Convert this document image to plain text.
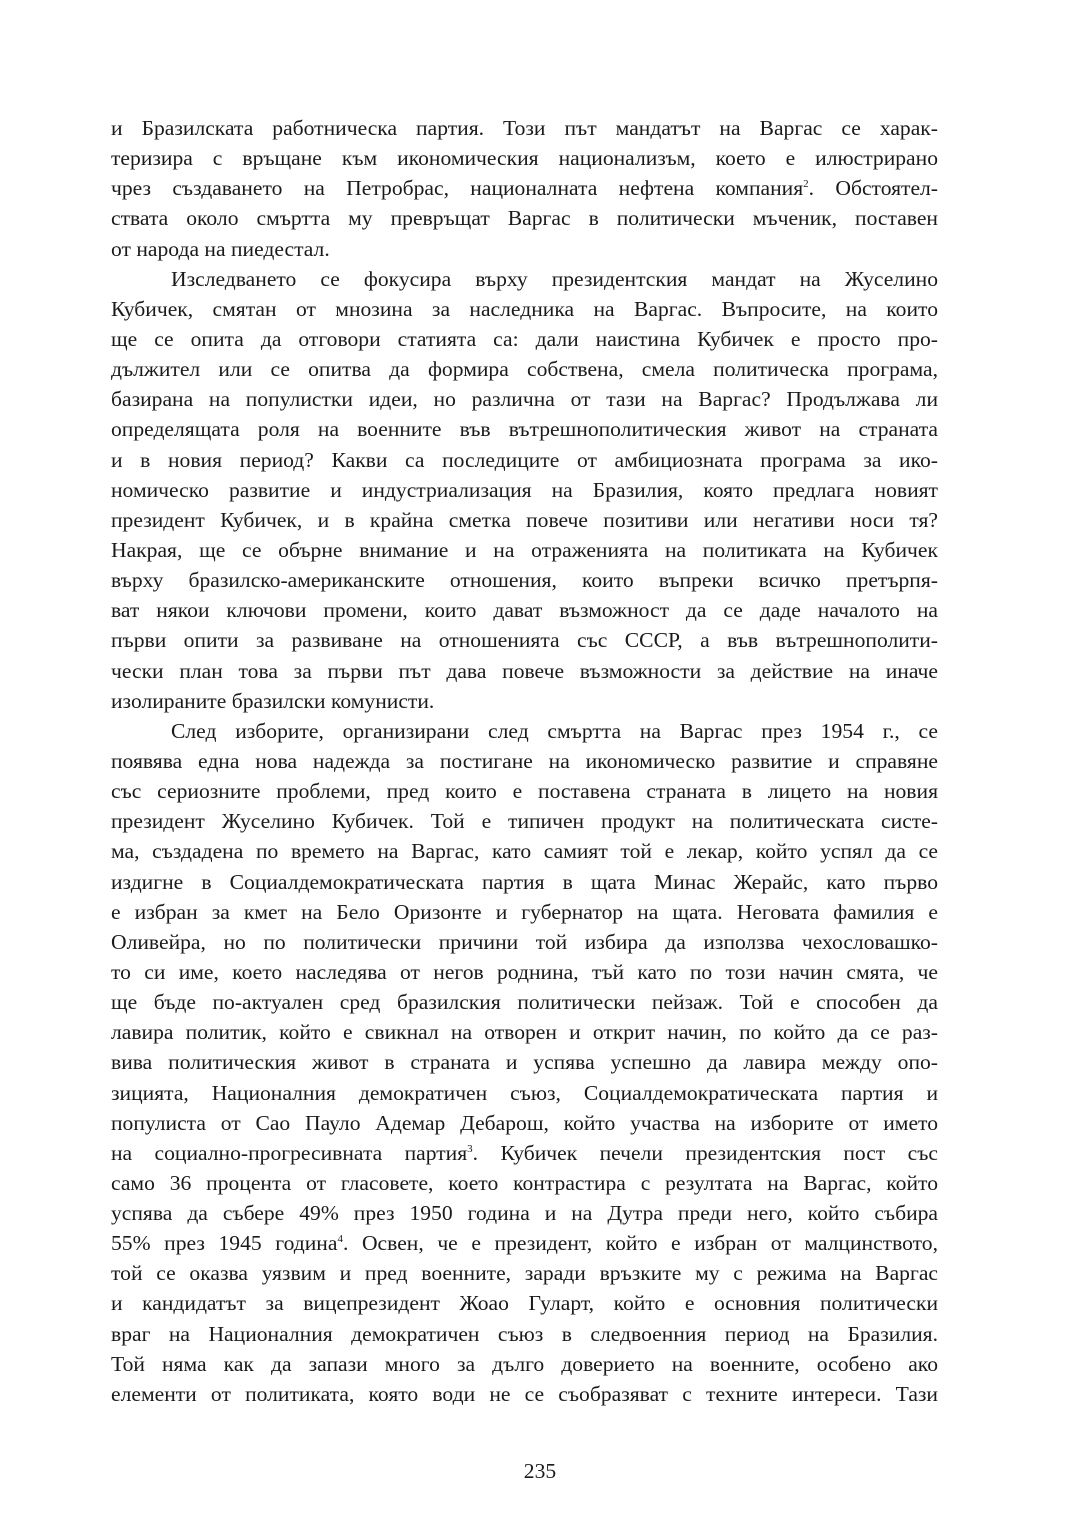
и Бразилската работническа партия. Този път мандатът на Варгас се харак-
теризира с връщане към икономическия национализъм, което е илюстрирано
чрез създаването на Петробрас, националната нефтена компания$^2$. Обстоятел-
ствата около смъртта му превръщат Варгас в политически мъченик, поставен
от народа на пиедестал.
Изследването се фокусира върху президентския мандат на Жуселино
Кубичек, смятан от мнозина за наследника на Варгас. Въпросите, на които
ще се опита да отговори статията са: дали наистина Кубичек е просто про-
дължител или се опитва да формира собствена, смела политическа програма,
базирана на популистки идеи, но различна от тази на Варгас? Продължава ли
определящата роля на военните във вътрешнополитическия живот на страната
и в новия период? Какви са последиците от амбициозната програма за ико-
номическо развитие и индустриализация на Бразилия, която предлага новият
президент Кубичек, и в крайна сметка повече позитиви или негативи носи тя?
Накрая, ще се обърне внимание и на отраженията на политиката на Кубичек
върху бразилско-американските отношения, които въпреки всичко претърпя-
ват някои ключови промени, които дават възможност да се даде началото на
първи опити за развиване на отношенията със СССР, а във вътрешнополити-
чески план това за първи път дава повече възможности за действие на иначе
изолираните бразилски комунисти.
След изборите, организирани след смъртта на Варгас през 1954 г., се
появява една нова надежда за постигане на икономическо развитие и справяне
със сериозните проблеми, пред които е поставена страната в лицето на новия
президент Жуселино Кубичек. Той е типичен продукт на политическата систе-
ма, създадена по времето на Варгас, като самият той е лекар, който успял да се
издигне в Социалдемократическата партия в щата Минас Жерайс, като първо
е избран за кмет на Бело Оризонте и губернатор на щата. Неговата фамилия е
Оливейра, но по политически причини той избира да използва чехословашко-
то си име, което наследява от негов роднина, тъй като по този начин смята, че
ще бъде по-актуален сред бразилския политически пейзаж. Той е способен да
лавира политик, който е свикнал на отворен и открит начин, по който да се раз-
вива политическия живот в страната и успява успешно да лавира между опо-
зицията, Националния демократичен съюз, Социалдемократическата партия и
популиста от Сао Пауло Адемар Дебарош, който участва на изборите от името
на социално-прогресивната партия$^3$. Кубичек печели президентския пост със
само 36 процента от гласовете, което контрастира с резултата на Варгас, който
успява да събере 49% през 1950 година и на Дутра преди него, който събира
55% през 1945 година$^4$. Освен, че е президент, който е избран от малцинството,
той се оказва уязвим и пред военните, заради връзките му с режима на Варгас
и кандидатът за вицепрезидент Жоао Гуларт, който е основния политически
враг на Националния демократичен съюз в следвоенния период на Бразилия.
Той няма как да запази много за дълго доверието на военните, особено ако
елементи от политиката, която води не се съобразяват с техните интереси. Тази
235
